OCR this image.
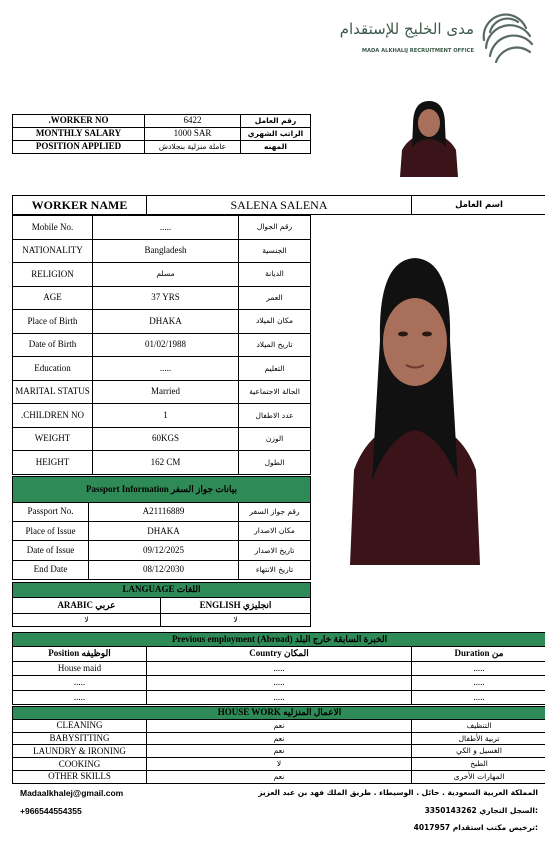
مدى الخليج للإستقدام
MADA ALKHALIJ RECRUITMENT OFFICE
.WORKER NO	6422	رقم العامل
MONTHLY SALARY	1000 SAR	الراتب الشهري
POSITION APPLIED	عاملة منزلية بنجلادش	المهنه
WORKER NAME	SALENA SALENA	اسم العامل
Mobile No.	.....	رقم الجوال
NATIONALITY	Bangladesh	الجنسية
RELIGION	مسلم	الديانة
AGE	37 YRS	العمر
Place of Birth	DHAKA	مكان الميلاد
Date of Birth	01/02/1988	تاريخ الميلاد
Education	.....	التعليم
MARITAL STATUS	Married	الحالة الاجتماعية
.CHILDREN NO	1	عدد الاطفال
WEIGHT	60KGS	الوزن
HEIGHT	162 CM	الطول
Passport Information بيانات جواز السفر		
Passport No.	A21116889	رقم جواز السفر
Place of Issue	DHAKA	مكان الاصدار
Date of Issue	09/12/2025	تاريخ الاصدار
End Date	08/12/2030	تاريخ الانتهاء
LANGUAGE اللغات	
ARABIC عربي	ENGLISH انجليزي
لا	لا
Previous employment (Abroad) الخبرة السابقة خارج البلد		
Position الوظيفه	Country المكان	Duration من
House maid	.....	.....
.....	.....	.....
.....	.....	.....
HOUSE WORK الاعمال المنزليه		
CLEANING	نعم	التنظيف
BABYSITTING	نعم	تربية الأطفال
LAUNDRY & IRONING	نعم	الغسيل و الكي
COOKING	لا	الطبخ
OTHER SKILLS	نعم	المهارات الأخرى
Madaalkhalej@gmail.com
+966544554355
المملكة العربية السعودية . حائل . الوسيطاء . طريق الملك فهد بن عبد العزيز
3350143262 السجل التجاري:
4017957 ترخيص مكتب استقدام:
